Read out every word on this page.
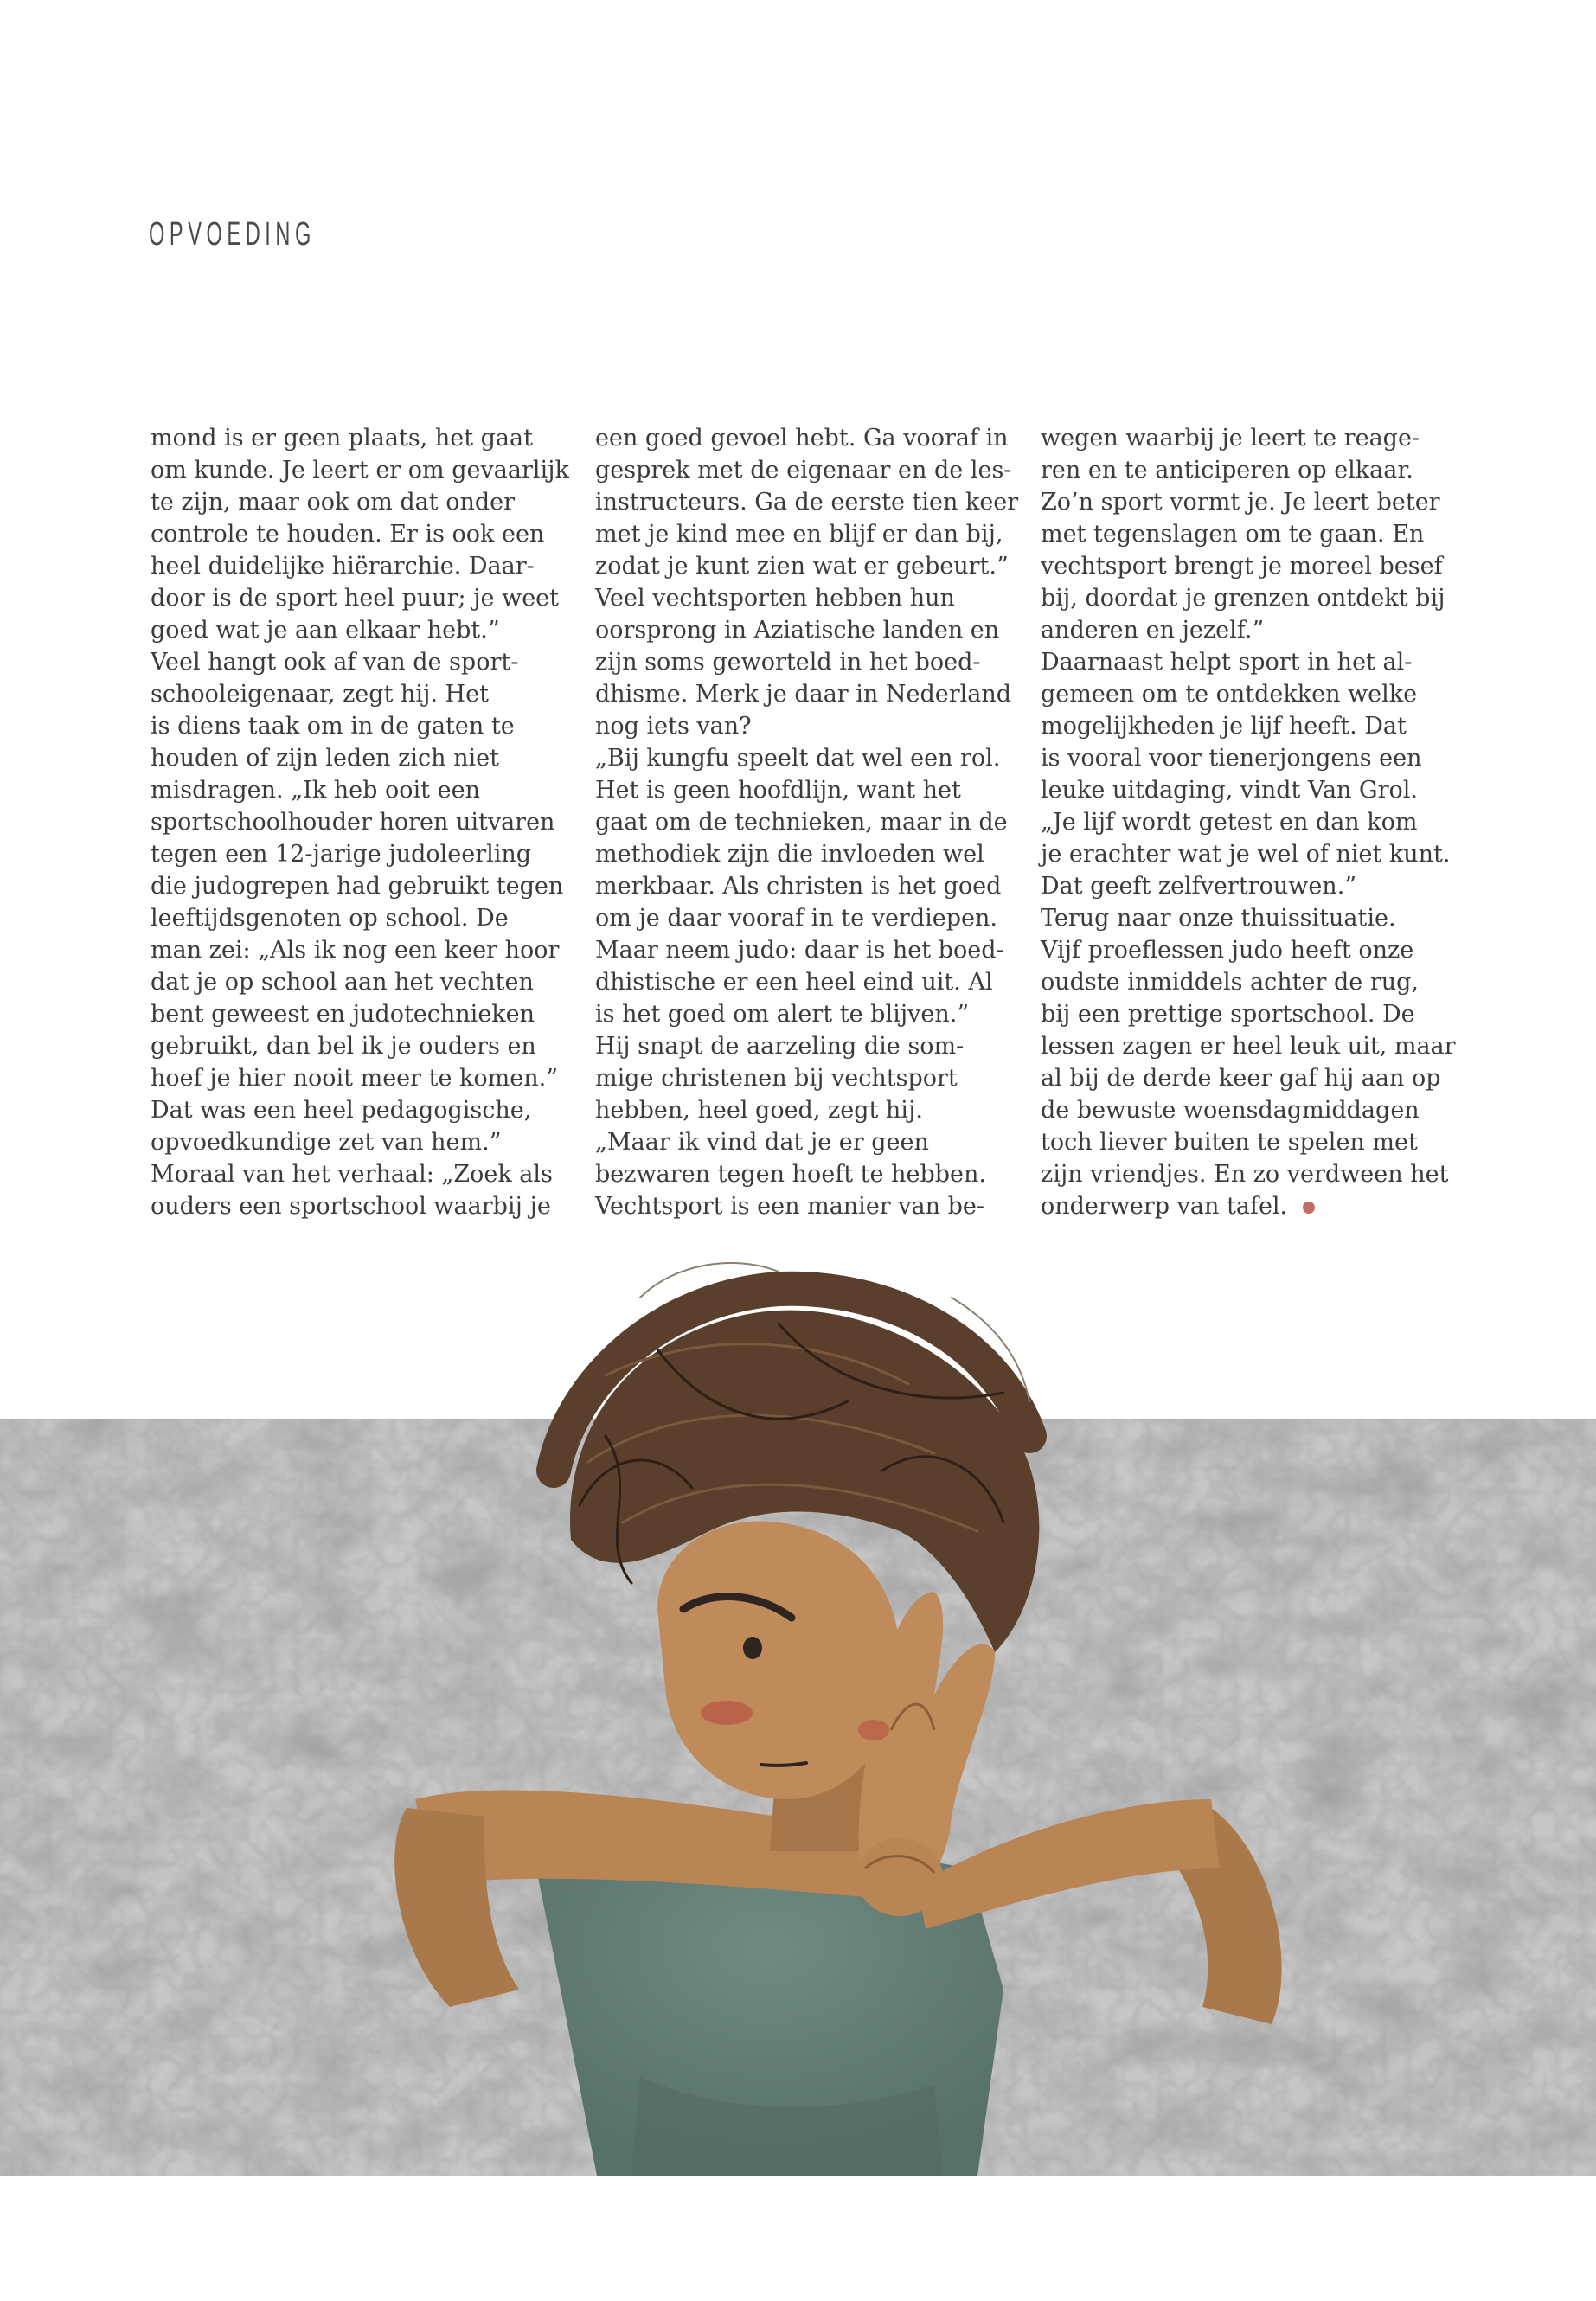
OPVOEDING
mond is er geen plaats, het gaat
om kunde. Je leert er om gevaarlijk
te zijn, maar ook om dat onder
controle te houden. Er is ook een
heel duidelijke hiërarchie. Daar-
door is de sport heel puur; je weet
goed wat je aan elkaar hebt.”
Veel hangt ook af van de sport-
schooleigenaar, zegt hij. Het
is diens taak om in de gaten te
houden of zijn leden zich niet
misdragen. „Ik heb ooit een
sportschoolhouder horen uitvaren
tegen een 12-jarige judoleerling
die judogrepen had gebruikt tegen
leeftijdsgenoten op school. De
man zei: „Als ik nog een keer hoor
dat je op school aan het vechten
bent geweest en judotechnieken
gebruikt, dan bel ik je ouders en
hoef je hier nooit meer te komen.”
Dat was een heel pedagogische,
opvoedkundige zet van hem.”
Moraal van het verhaal: „Zoek als
ouders een sportschool waarbij je
een goed gevoel hebt. Ga vooraf in
gesprek met de eigenaar en de les-
instructeurs. Ga de eerste tien keer
met je kind mee en blijf er dan bij,
zodat je kunt zien wat er gebeurt.”
Veel vechtsporten hebben hun
oorsprong in Aziatische landen en
zijn soms geworteld in het boed-
dhisme. Merk je daar in Nederland
nog iets van?
„Bij kungfu speelt dat wel een rol.
Het is geen hoofdlijn, want het
gaat om de technieken, maar in de
methodiek zijn die invloeden wel
merkbaar. Als christen is het goed
om je daar vooraf in te verdiepen.
Maar neem judo: daar is het boed-
dhistische er een heel eind uit. Al
is het goed om alert te blijven.”
Hij snapt de aarzeling die som-
mige christenen bij vechtsport
hebben, heel goed, zegt hij.
„Maar ik vind dat je er geen
bezwaren tegen hoeft te hebben.
Vechtsport is een manier van be-
wegen waarbij je leert te reage-
ren en te anticiperen op elkaar.
Zo’n sport vormt je. Je leert beter
met tegenslagen om te gaan. En
vechtsport brengt je moreel besef
bij, doordat je grenzen ontdekt bij
anderen en jezelf.”
Daarnaast helpt sport in het al-
gemeen om te ontdekken welke
mogelijkheden je lijf heeft. Dat
is vooral voor tienerjongens een
leuke uitdaging, vindt Van Grol.
„Je lijf wordt getest en dan kom
je erachter wat je wel of niet kunt.
Dat geeft zelfvertrouwen.”
Terug naar onze thuissituatie.
Vijf proeflessen judo heeft onze
oudste inmiddels achter de rug,
bij een prettige sportschool. De
lessen zagen er heel leuk uit, maar
al bij de derde keer gaf hij aan op
de bewuste woensdagmiddagen
toch liever buiten te spelen met
zijn vriendjes. En zo verdween het
onderwerp van tafel.
